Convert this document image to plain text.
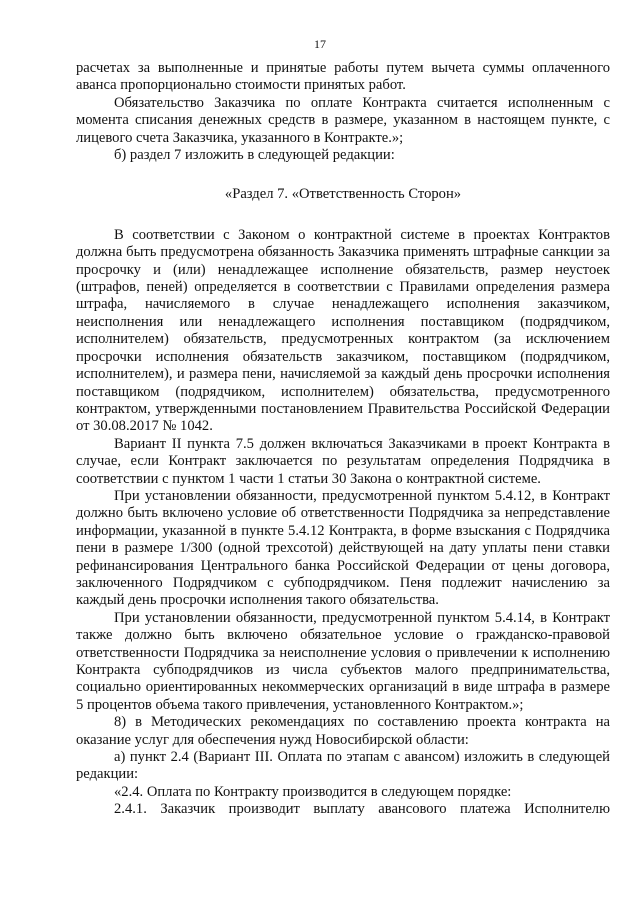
17

расчетах за выполненные и принятые работы путем вычета суммы оплаченного аванса пропорционально стоимости принятых работ.

Обязательство Заказчика по оплате Контракта считается исполненным с момента списания денежных средств в размере, указанном в настоящем пункте, с лицевого счета Заказчика, указанного в Контракте.»;

б) раздел 7 изложить в следующей редакции:

«Раздел 7. «Ответственность Сторон»

В соответствии с Законом о контрактной системе в проектах Контрактов должна быть предусмотрена обязанность Заказчика применять штрафные санкции за просрочку и (или) ненадлежащее исполнение обязательств, размер неустоек (штрафов, пеней) определяется в соответствии с Правилами определения размера штрафа, начисляемого в случае ненадлежащего исполнения заказчиком, неисполнения или ненадлежащего исполнения поставщиком (подрядчиком, исполнителем) обязательств, предусмотренных контрактом (за исключением просрочки исполнения обязательств заказчиком, поставщиком (подрядчиком, исполнителем), и размера пени, начисляемой за каждый день просрочки исполнения поставщиком (подрядчиком, исполнителем) обязательства, предусмотренного контрактом, утвержденными постановлением Правительства Российской Федерации от 30.08.2017 № 1042.

Вариант II пункта 7.5 должен включаться Заказчиками в проект Контракта в случае, если Контракт заключается по результатам определения Подрядчика в соответствии с пунктом 1 части 1 статьи 30 Закона о контрактной системе.

При установлении обязанности, предусмотренной пунктом 5.4.12, в Контракт должно быть включено условие об ответственности Подрядчика за непредставление информации, указанной в пункте 5.4.12 Контракта, в форме взыскания с Подрядчика пени в размере 1/300 (одной трехсотой) действующей на дату уплаты пени ставки рефинансирования Центрального банка Российской Федерации от цены договора, заключенного Подрядчиком с субподрядчиком. Пеня подлежит начислению за каждый день просрочки исполнения такого обязательства.

При установлении обязанности, предусмотренной пунктом 5.4.14, в Контракт также должно быть включено обязательное условие о гражданско-правовой ответственности Подрядчика за неисполнение условия о привлечении к исполнению Контракта субподрядчиков из числа субъектов малого предпринимательства, социально ориентированных некоммерческих организаций в виде штрафа в размере 5 процентов объема такого привлечения, установленного Контрактом.»;

8) в Методических рекомендациях по составлению проекта контракта на оказание услуг для обеспечения нужд Новосибирской области:

а) пункт 2.4 (Вариант III. Оплата по этапам с авансом) изложить в следующей редакции:

«2.4. Оплата по Контракту производится в следующем порядке:

2.4.1. Заказчик производит выплату авансового платежа Исполнителю
